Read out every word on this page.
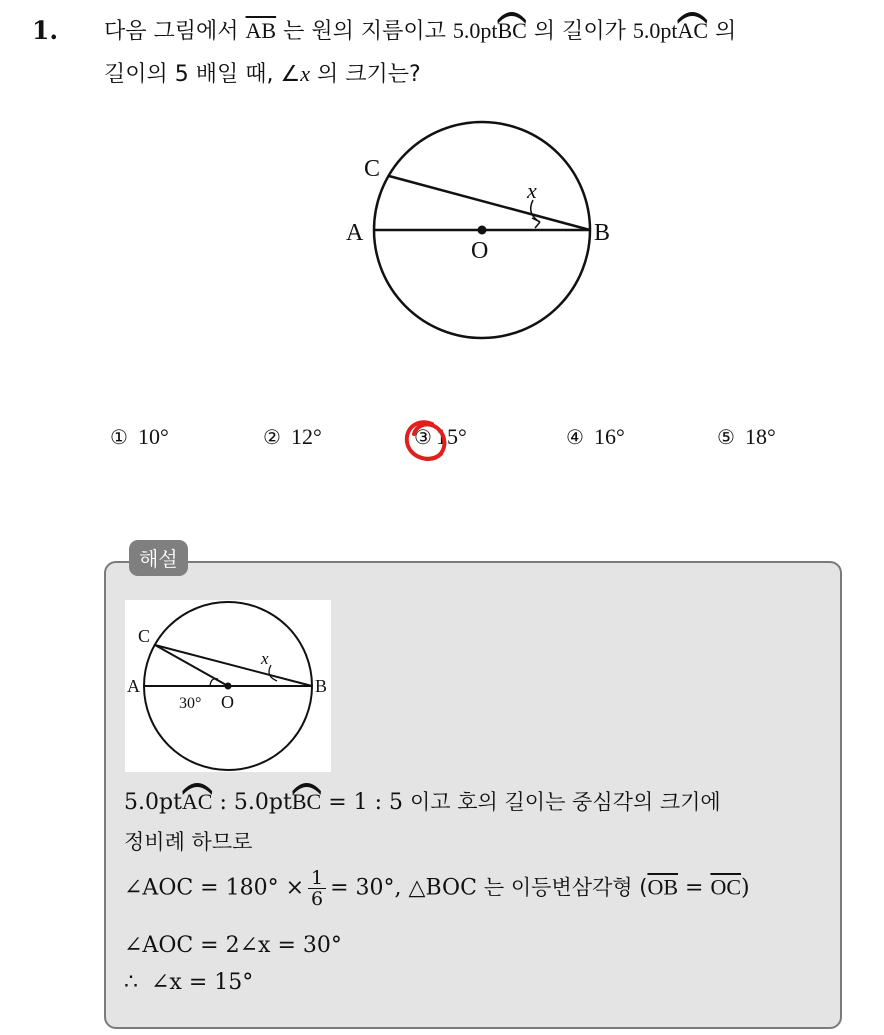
1. 다음 그림에서 $\overline{AB}$ 는 원의 지름이고 5.0pt
BC 의 길이가 5.0pt
AC 의
길이의 5 배일 때, ∠x 의 크기는?
C
A	B
O
x
① 10°	② 12°	③ 15°	④ 16°	⑤ 18°
해설
C
A	B
O
x
30°
5.0pt
AC : 5.0pt
BC = 1 : 5 이고 호의 길이는 중심각의 크기에
정비례 하므로
∠AOC = $180^\circ \times \frac{1}{6} = 30^\circ$, △BOC 는 이등변삼각형 $(\overline{OB} = \overline{OC})$
∠AOC = 2∠x = 30°
∴ ∠x = 15°
